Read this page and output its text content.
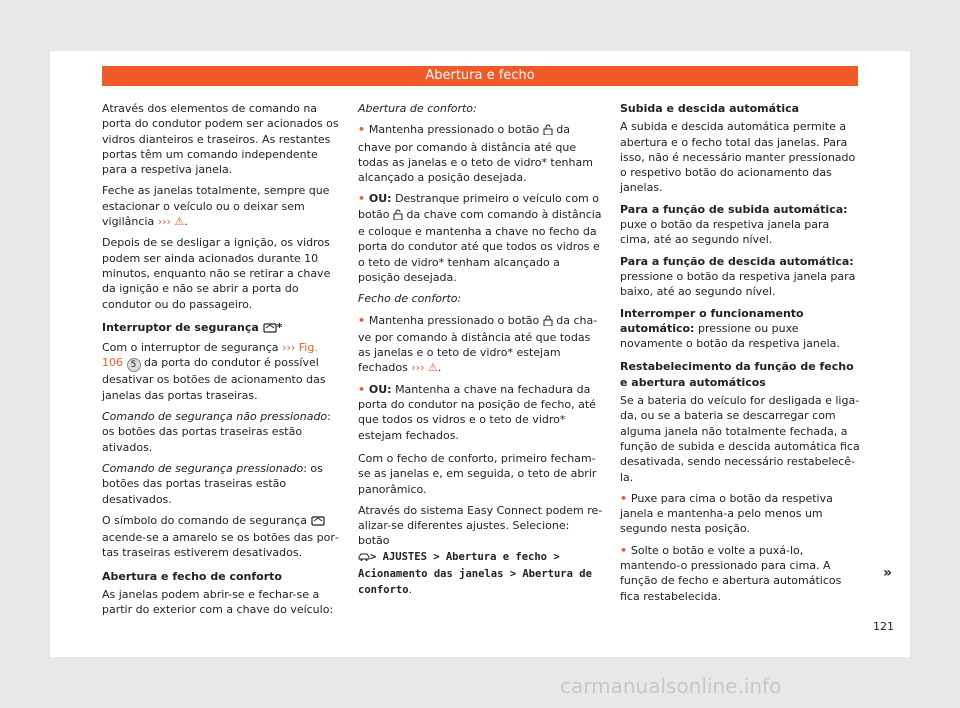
Abertura e fecho

Através dos elementos de comando na porta do condutor podem ser acionados os vidros dianteiros e traseiros. As restantes portas têm um comando independente para a respetiva janela.

Feche as janelas totalmente, sempre que estacionar o veículo ou o deixar sem vigilância ››› ⚠.

Depois de se desligar a ignição, os vidros podem ser ainda acionados durante 10 minutos, enquanto não se retirar a chave da ignição e não se abrir a porta do condutor ou do passageiro.

Interruptor de segurança *

Com o interruptor de segurança ››› Fig. 106 5 da porta do condutor é possível desativar os botões de acionamento das janelas das portas traseiras.

Comando de segurança não pressionado: os botões das portas traseiras estão ativados.

Comando de segurança pressionado: os botões das portas traseiras estão desativados.

O símbolo do comando de segurança  acende-se a amarelo se os botões das portas traseiras estiverem desativados.

Abertura e fecho de conforto

As janelas podem abrir-se e fechar-se a partir do exterior com a chave do veículo:

Abertura de conforto:

• Mantenha pressionado o botão da chave por comando à distância até que todas as janelas e o teto de vidro* tenham alcançado a posição desejada.

• OU: Destranque primeiro o veículo com o botão da chave com comando à distância e coloque e mantenha a chave no fecho da porta do condutor até que todos os vidros e o teto de vidro* tenham alcançado a posição desejada.

Fecho de conforto:

• Mantenha pressionado o botão da chave por comando à distância até que todas as janelas e o teto de vidro* estejam fechados ››› ⚠.

• OU: Mantenha a chave na fechadura da porta do condutor na posição de fecho, até que todos os vidros e o teto de vidro* estejam fechados.

Com o fecho de conforto, primeiro fecham-se as janelas e, em seguida, o teto de abrir panorâmico.

Através do sistema Easy Connect podem realizar-se diferentes ajustes. Selecione: botão
> AJUSTES > Abertura e fecho > Acionamento das janelas > Abertura de conforto.

Subida e descida automática

A subida e descida automática permite a abertura e o fecho total das janelas. Para isso, não é necessário manter pressionado o respetivo botão do acionamento das janelas.

Para a função de subida automática: puxe o botão da respetiva janela para cima, até ao segundo nível.

Para a função de descida automática: pressione o botão da respetiva janela para baixo, até ao segundo nível.

Interromper o funcionamento automático: pressione ou puxe novamente o botão da respetiva janela.

Restabelecimento da função de fecho e abertura automáticos

Se a bateria do veículo for desligada e ligada, ou se a bateria se descarregar com alguma janela não totalmente fechada, a função de subida e descida automática fica desativada, sendo necessário restabelecê-la.

• Puxe para cima o botão da respetiva janela e mantenha-a pelo menos um segundo nesta posição.

• Solte o botão e volte a puxá-lo, mantendo-o pressionado para cima. A função de fecho e abertura automáticos fica restabelecida.

»
121
carmanualsonline.info
